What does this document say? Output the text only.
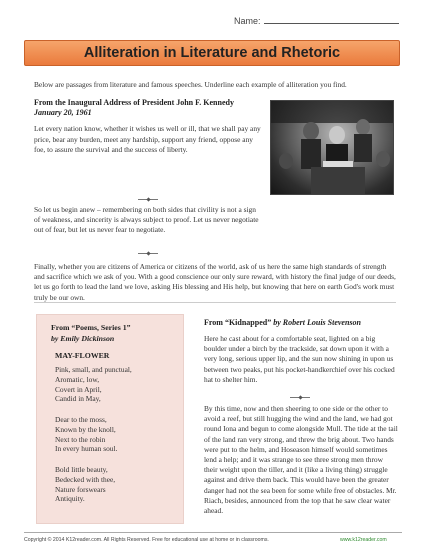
Name:
Alliteration in Literature and Rhetoric
Below are passages from literature and famous speeches. Underline each example of alliteration you find.
From the Inaugural Address of President John F. Kennedy
January 20, 1961

Let every nation know, whether it wishes us well or ill, that we shall pay any price, bear any burden, meet any hardship, support any friend, oppose any foe, to assure the survival and the success of liberty.

So let us begin anew – remembering on both sides that civility is not a sign of weakness, and sincerity is always subject to proof. Let us never negotiate out of fear, but let us never fear to negotiate.
Finally, whether you are citizens of America or citizens of the world, ask of us here the same high standards of strength and sacrifice which we ask of you. With a good conscience our only sure reward, with history the final judge of our deeds, let us go forth to lead the land we love, asking His blessing and His help, but knowing that here on earth God's work must truly be our own.
From “Poems, Series 1”
by Emily Dickinson
MAY-FLOWER
Pink, small, and punctual,
Aromatic, low,
Covert in April,
Candid in May,
Dear to the moss,
Known by the knoll,
Next to the robin
In every human soul.
Bold little beauty,
Bedecked with thee,
Nature forswears
Antiquity.
From “Kidnapped” by Robert Louis Stevenson
Here he cast about for a comfortable seat, lighted on a big boulder under a birch by the trackside, sat down upon it with a very long, serious upper lip, and the sun now shining in upon us between two peaks, put his pocket-handkerchief over his cocked hat to shelter him.
By this time, now and then sheering to one side or the other to avoid a reef, but still hugging the wind and the land, we had got round Iona and begun to come alongside Mull. The tide at the tail of the land ran very strong, and threw the brig about. Two hands were put to the helm, and Hoseason himself would sometimes lend a help; and it was strange to see three strong men throw their weight upon the tiller, and it (like a living thing) struggle against and drive them back. This would have been the greater danger had not the sea been for some while free of obstacles. Mr. Riach, besides, announced from the top that he saw clear water ahead.
Copyright © 2014 K12reader.com. All Rights Reserved. Free for educational use at home or in classrooms.	www.k12reader.com
